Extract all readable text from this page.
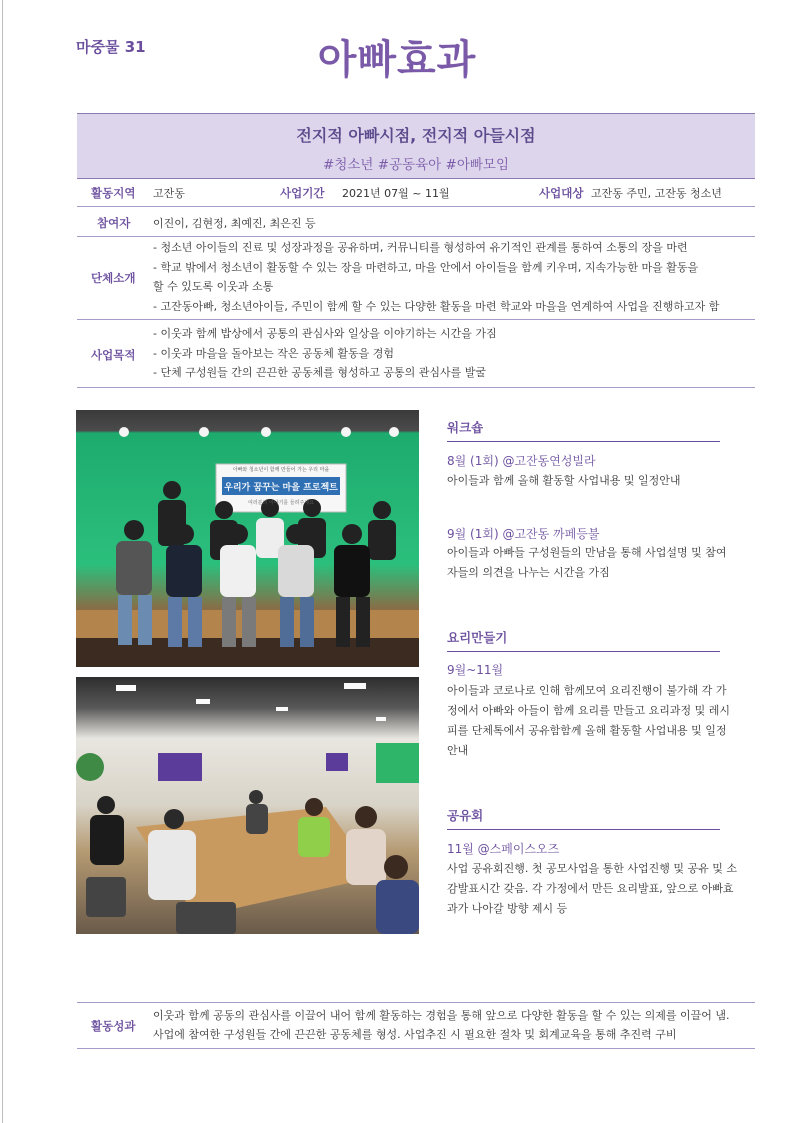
마중물 31	아빠효과
전지적 아빠시점, 전지적 아들시점
#청소년 #공동육아 #아빠모임
활동지역 고잔동	사업기간 2021년 07월 ~ 11월	사업대상 고잔동 주민, 고잔동 청소년
참여자 이진이, 김현정, 최예진, 최은진 등
단체소개
- 청소년 아이들의 진료 및 성장과정을 공유하며, 커뮤니티를 형성하여 유기적인 관계를 통하여 소통의 장을 마련
- 학교 밖에서 청소년이 활동할 수 있는 장을 마련하고, 마을 안에서 아이들을 함께 키우며, 지속가능한 마을 활동을
할 수 있도록 이웃과 소통
- 고잔동아빠, 청소년아이들, 주민이 함께 할 수 있는 다양한 활동을 마련 학교와 마을을 연계하여 사업을 진행하고자 함
사업목적
- 이웃과 함께 밥상에서 공통의 관심사와 일상을 이야기하는 시간을 가짐
- 이웃과 마을을 돌아보는 작은 공동체 활동을 경험
- 단체 구성원들 간의 끈끈한 공동체를 형성하고 공통의 관심사를 발굴
아빠와 청소년이 함께 만들어 가는 우리 마을
우리가 꿈꾸는 마을 프로젝트
여러분의 이야기를 들려주세요
워크숍
8월 (1회) @고잔동연성빌라
아이들과 함께 올해 활동할 사업내용 및 일정안내
9월 (1회) @고잔동 까페등불
아이들과 아빠들 구성원들의 만남을 통해 사업설명 및 참여자들의 의견을 나누는 시간을 가짐
요리만들기
9월~11월
아이들과 코로나로 인해 함께모여 요리진행이 불가해 각 가정에서 아빠와 아들이 함께 요리를 만들고 요리과정 및 레시피를 단체톡에서 공유함함께 올해 활동할 사업내용 및 일정안내
공유회
11월 @스페이스오즈
사업 공유회진행. 첫 공모사업을 통한 사업진행 및 공유 및 소감발표시간 갖음. 각 가정에서 만든 요리발표, 앞으로 아빠효과가 나아갈 방향 제시 등
활동성과
이웃과 함께 공동의 관심사를 이끌어 내어 함께 활동하는 경험을 통해 앞으로 다양한 활동을 할 수 있는 의제를 이끌어 냄.
사업에 참여한 구성원들 간에 끈끈한 공동체를 형성. 사업추진 시 필요한 절차 및 회계교육을 통해 추진력 구비
